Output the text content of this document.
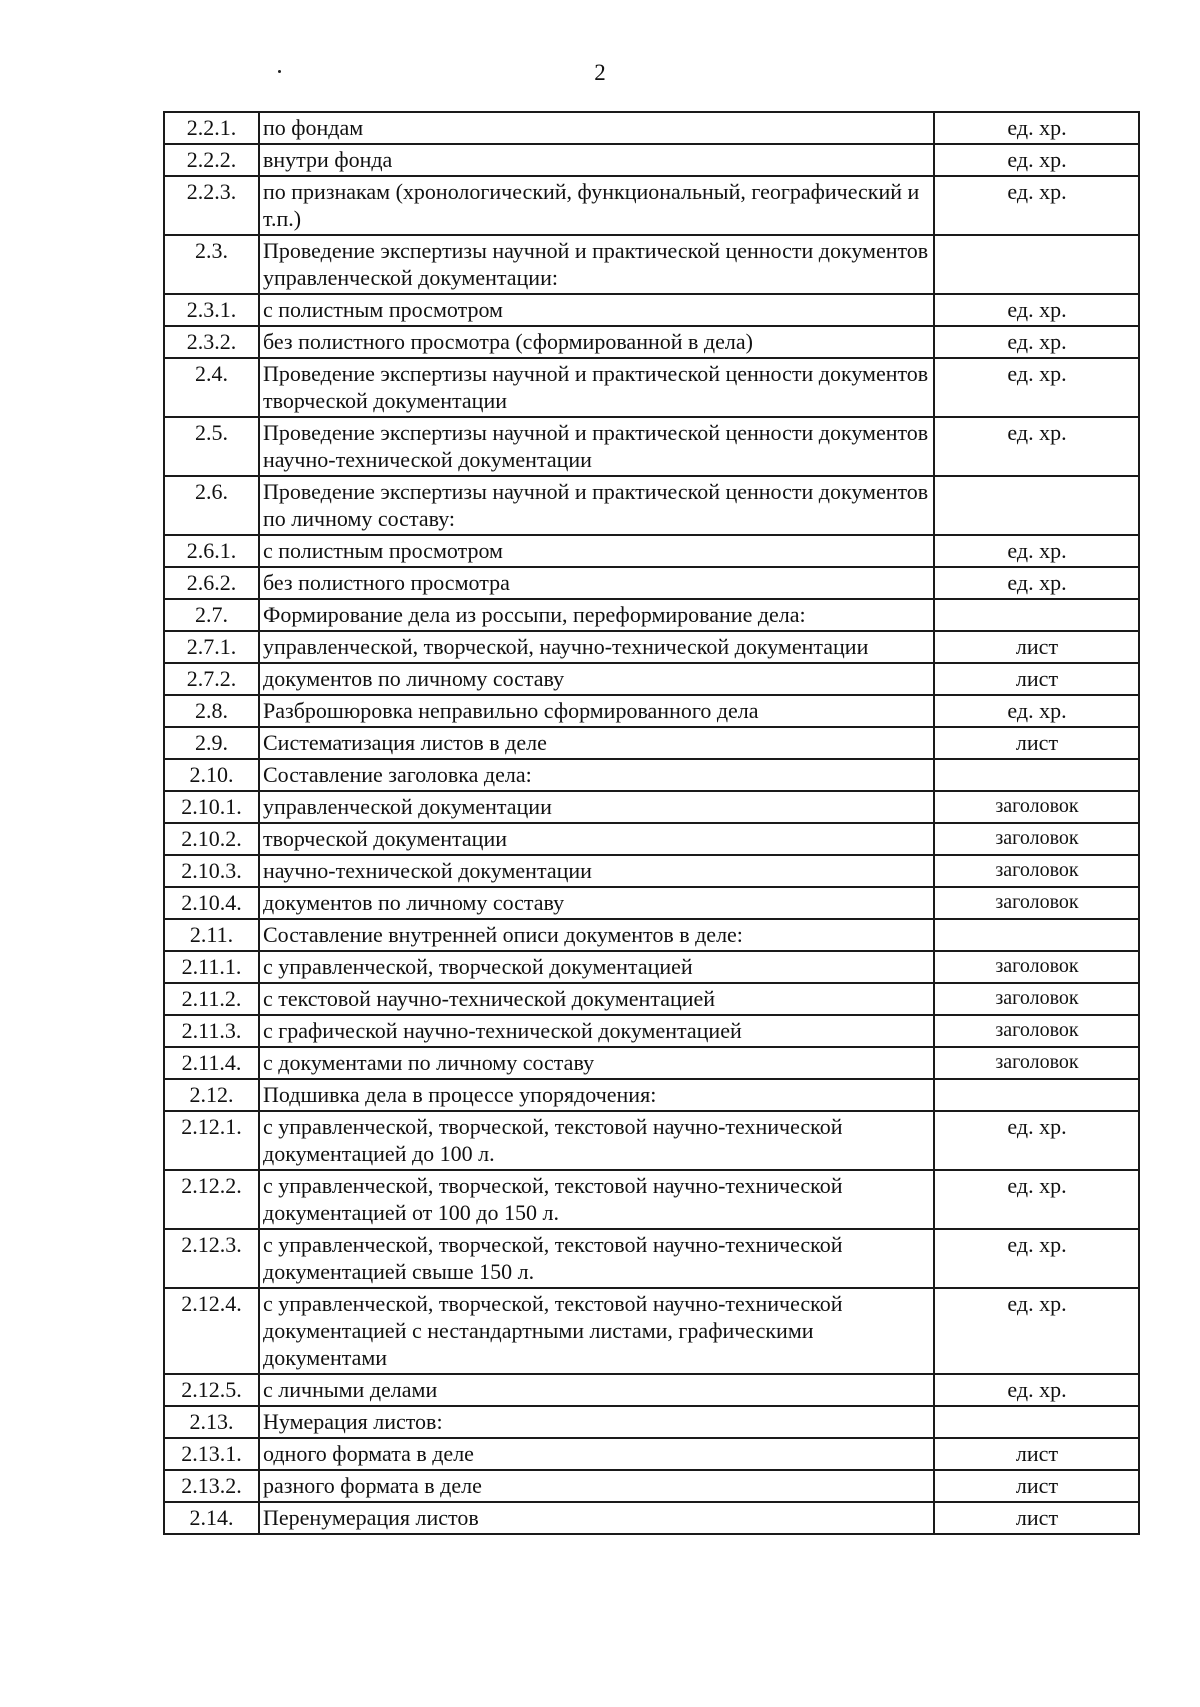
2
2.2.1.	по фондам	ед. хр.
2.2.2.	внутри фонда	ед. хр.
2.2.3.	по признакам (хронологический, функциональный, географический и т.п.)	ед. хр.
2.3.	Проведение экспертизы научной и практической ценности документов управленческой документации:	
2.3.1.	с полистным просмотром	ед. хр.
2.3.2.	без полистного просмотра (сформированной в дела)	ед. хр.
2.4.	Проведение экспертизы научной и практической ценности документов творческой документации	ед. хр.
2.5.	Проведение экспертизы научной и практической ценности документов научно-технической документации	ед. хр.
2.6.	Проведение экспертизы научной и практической ценности документов по личному составу:	
2.6.1.	с полистным просмотром	ед. хр.
2.6.2.	без полистного просмотра	ед. хр.
2.7.	Формирование дела из россыпи, переформирование дела:	
2.7.1.	управленческой, творческой, научно-технической документации	лист
2.7.2.	документов по личному составу	лист
2.8.	Разброшюровка неправильно сформированного дела	ед. хр.
2.9.	Систематизация листов в деле	лист
2.10.	Составление заголовка дела:	
2.10.1.	управленческой документации	заголовок
2.10.2.	творческой документации	заголовок
2.10.3.	научно-технической документации	заголовок
2.10.4.	документов по личному составу	заголовок
2.11.	Составление внутренней описи документов в деле:	
2.11.1.	с управленческой, творческой документацией	заголовок
2.11.2.	с текстовой научно-технической документацией	заголовок
2.11.3.	с графической научно-технической документацией	заголовок
2.11.4.	с документами по личному составу	заголовок
2.12.	Подшивка дела в процессе упорядочения:	
2.12.1.	с управленческой, творческой, текстовой научно-технической документацией до 100 л.	ед. хр.
2.12.2.	с управленческой, творческой, текстовой научно-технической документацией от 100 до 150 л.	ед. хр.
2.12.3.	с управленческой, творческой, текстовой научно-технической документацией свыше 150 л.	ед. хр.
2.12.4.	с управленческой, творческой, текстовой научно-технической документацией с нестандартными листами, графическими документами	ед. хр.
2.12.5.	с личными делами	ед. хр.
2.13.	Нумерация листов:	
2.13.1.	одного формата в деле	лист
2.13.2.	разного формата в деле	лист
2.14.	Перенумерация листов	лист
